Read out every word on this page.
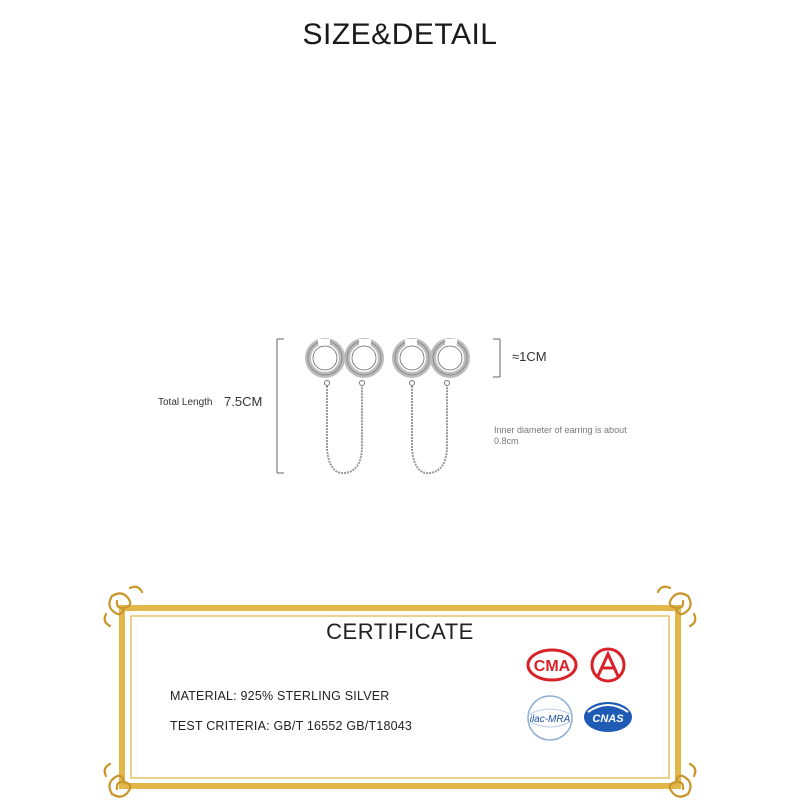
SIZE&DETAIL
Total Length 7.5CM
≈1CM
Inner diameter of earring is about 0.8cm
CMA
CAL
ilac-MRA CNAS
CERTIFICATE
MATERIAL: 925% STERLING SILVER
TEST CRITERIA: GB/T 16552 GB/T18043
